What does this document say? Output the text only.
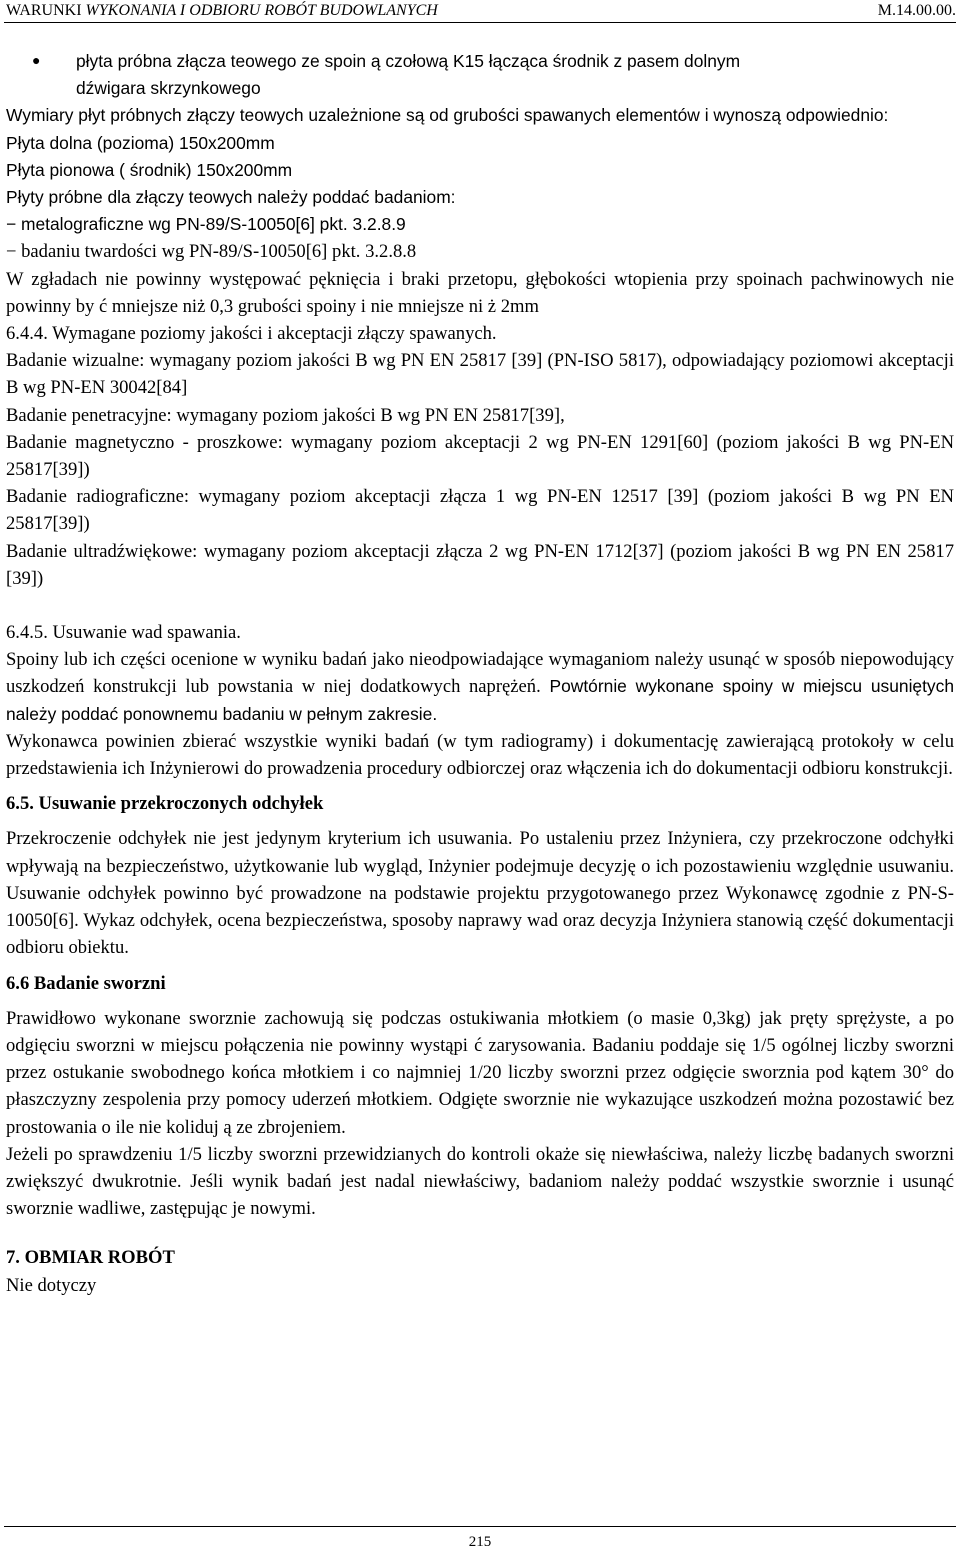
WARUNKI WYKONANIA I ODBIORU ROBÓT BUDOWLANYCH	M.14.00.00.
●	płyta próbna złącza teowego ze spoin ą czołową K15 łącząca środnik z pasem dolnym

dźwigara skrzynkowego

Wymiary płyt próbnych złączy teowych uzależnione są od grubości spawanych elementów i wynoszą odpowiednio:

Płyta dolna (pozioma) 150x200mm

Płyta pionowa ( środnik) 150x200mm

Płyty próbne dla złączy teowych należy poddać badaniom:

− metalograficzne wg PN-89/S-10050[6] pkt. 3.2.8.9

− badaniu twardości wg PN-89/S-10050[6] pkt. 3.2.8.8

W zgładach nie powinny występować pęknięcia i braki przetopu, głębokości wtopienia przy spoinach pachwinowych nie powinny by ć mniejsze niż 0,3 grubości spoiny i nie mniejsze ni ż 2mm

6.4.4. Wymagane poziomy jakości i akceptacji złączy spawanych.

Badanie wizualne: wymagany poziom jakości B wg PN EN 25817 [39] (PN-ISO 5817), odpowiadający poziomowi akceptacji B wg PN-EN 30042[84]

Badanie penetracyjne: wymagany poziom jakości B wg PN EN 25817[39],

Badanie magnetyczno - proszkowe: wymagany poziom akceptacji 2 wg PN-EN 1291[60] (poziom jakości B wg PN-EN 25817[39])

Badanie radiograficzne: wymagany poziom akceptacji złącza 1 wg PN-EN 12517 [39] (poziom jakości B wg PN EN 25817[39])

Badanie ultradźwiękowe: wymagany poziom akceptacji złącza 2 wg PN-EN 1712[37] (poziom jakości B wg PN EN 25817 [39])

6.4.5. Usuwanie wad spawania.

Spoiny lub ich części ocenione w wyniku badań jako nieodpowiadające wymaganiom należy usunąć w sposób niepowodujący uszkodzeń konstrukcji lub powstania w niej dodatkowych naprężeń. Powtórnie wykonane spoiny w miejscu usuniętych należy poddać ponownemu badaniu w pełnym zakresie.

Wykonawca powinien zbierać wszystkie wyniki badań (w tym radiogramy) i dokumentację zawierającą protokoły w celu przedstawienia ich Inżynierowi do prowadzenia procedury odbiorczej oraz włączenia ich do dokumentacji odbioru konstrukcji.

6.5. Usuwanie przekroczonych odchyłek

Przekroczenie odchyłek nie jest jedynym kryterium ich usuwania. Po ustaleniu przez Inżyniera, czy przekroczone odchyłki wpływają na bezpieczeństwo, użytkowanie lub wygląd, Inżynier podejmuje decyzję o ich pozostawieniu względnie usuwaniu. Usuwanie odchyłek powinno być prowadzone na podstawie projektu przygotowanego przez Wykonawcę zgodnie z PN-S-10050[6]. Wykaz odchyłek, ocena bezpieczeństwa, sposoby naprawy wad oraz decyzja Inżyniera stanowią część dokumentacji odbioru obiektu.

6.6 Badanie sworzni

Prawidłowo wykonane sworznie zachowują się podczas ostukiwania młotkiem (o masie 0,3kg) jak pręty sprężyste, a po odgięciu sworzni w miejscu połączenia nie powinny wystąpi ć zarysowania. Badaniu poddaje się 1/5 ogólnej liczby sworzni przez ostukanie swobodnego końca młotkiem i co najmniej 1/20 liczby sworzni przez odgięcie sworznia pod kątem 30° do płaszczyzny zespolenia przy pomocy uderzeń młotkiem. Odgięte sworznie nie wykazujące uszkodzeń można pozostawić bez prostowania o ile nie koliduj ą ze zbrojeniem.

Jeżeli po sprawdzeniu 1/5 liczby sworzni przewidzianych do kontroli okaże się niewłaściwa, należy liczbę badanych sworzni zwiększyć dwukrotnie. Jeśli wynik badań jest nadal niewłaściwy, badaniom należy poddać wszystkie sworznie i usunąć sworznie wadliwe, zastępując je nowymi.

7. OBMIAR ROBÓT

Nie dotyczy

215
